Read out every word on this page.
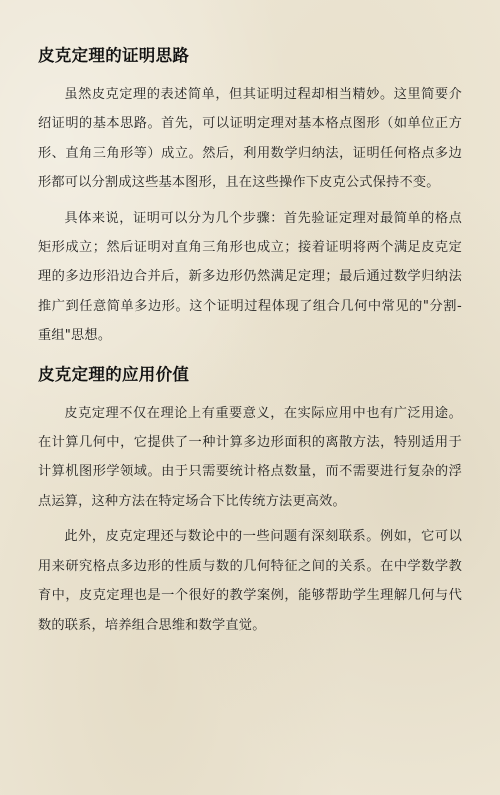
皮克定理的证明思路

虽然皮克定理的表述简单，但其证明过程却相当精妙。这里简要介绍证明的基本思路。首先，可以证明定理对基本格点图形（如单位正方形、直角三角形等）成立。然后，利用数学归纳法，证明任何格点多边形都可以分割成这些基本图形，且在这些操作下皮克公式保持不变。

具体来说，证明可以分为几个步骤：首先验证定理对最简单的格点矩形成立；然后证明对直角三角形也成立；接着证明将两个满足皮克定理的多边形沿边合并后，新多边形仍然满足定理；最后通过数学归纳法推广到任意简单多边形。这个证明过程体现了组合几何中常见的"分割-重组"思想。

皮克定理的应用价值

皮克定理不仅在理论上有重要意义，在实际应用中也有广泛用途。在计算几何中，它提供了一种计算多边形面积的离散方法，特别适用于计算机图形学领域。由于只需要统计格点数量，而不需要进行复杂的浮点运算，这种方法在特定场合下比传统方法更高效。

此外，皮克定理还与数论中的一些问题有深刻联系。例如，它可以用来研究格点多边形的性质与数的几何特征之间的关系。在中学数学教育中，皮克定理也是一个很好的教学案例，能够帮助学生理解几何与代数的联系，培养组合思维和数学直觉。
